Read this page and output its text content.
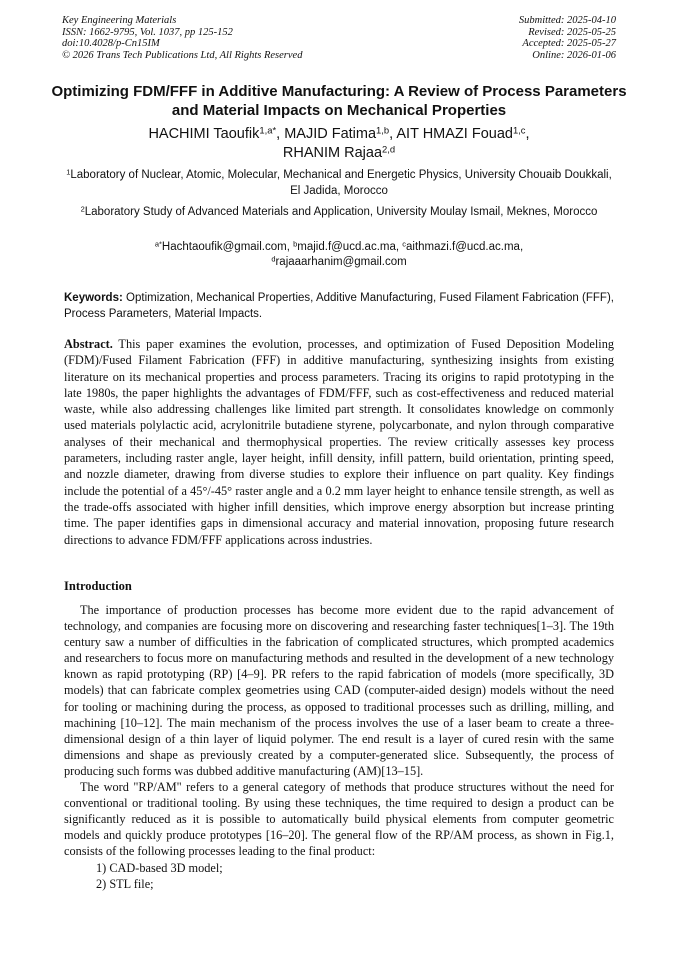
Key Engineering Materials
ISSN: 1662-9795, Vol. 1037, pp 125-152
doi:10.4028/p-Cn15IM
© 2026 Trans Tech Publications Ltd, All Rights Reserved
Submitted: 2025-04-10
Revised: 2025-05-25
Accepted: 2025-05-27
Online: 2026-01-06
Optimizing FDM/FFF in Additive Manufacturing: A Review of Process Parameters and Material Impacts on Mechanical Properties
HACHIMI Taoufik$^{1,a*}$, MAJID Fatima$^{1,b}$, AIT HMAZI Fouad$^{1,c}$,
RHANIM Rajaa$^{2,d}$
$^1$Laboratory of Nuclear, Atomic, Molecular, Mechanical and Energetic Physics, University Chouaib Doukkali, El Jadida, Morocco
$^2$Laboratory Study of Advanced Materials and Application, University Moulay Ismail, Meknes, Morocco
$^{a*}$Hachtaoufik@gmail.com, $^b$majid.f@ucd.ac.ma, $^c$aithmazi.f@ucd.ac.ma,
$^d$rajaaarhanim@gmail.com
Keywords: Optimization, Mechanical Properties, Additive Manufacturing, Fused Filament Fabrication (FFF), Process Parameters, Material Impacts.
Abstract. This paper examines the evolution, processes, and optimization of Fused Deposition Modeling (FDM)/Fused Filament Fabrication (FFF) in additive manufacturing, synthesizing insights from existing literature on its mechanical properties and process parameters. Tracing its origins to rapid prototyping in the late 1980s, the paper highlights the advantages of FDM/FFF, such as cost-effectiveness and reduced material waste, while also addressing challenges like limited part strength. It consolidates knowledge on commonly used materials polylactic acid, acrylonitrile butadiene styrene, polycarbonate, and nylon through comparative analyses of their mechanical and thermophysical properties. The review critically assesses key process parameters, including raster angle, layer height, infill density, infill pattern, build orientation, printing speed, and nozzle diameter, drawing from diverse studies to explore their influence on part quality. Key findings include the potential of a 45°/-45° raster angle and a 0.2 mm layer height to enhance tensile strength, as well as the trade-offs associated with higher infill densities, which improve energy absorption but increase printing time. The paper identifies gaps in dimensional accuracy and material innovation, proposing future research directions to advance FDM/FFF applications across industries.
Introduction

The importance of production processes has become more evident due to the rapid advancement of technology, and companies are focusing more on discovering and researching faster techniques[1–3]. The 19th century saw a number of difficulties in the fabrication of complicated structures, which prompted academics and researchers to focus more on manufacturing methods and resulted in the development of a new technology known as rapid prototyping (RP) [4–9]. PR refers to the rapid fabrication of models (more specifically, 3D models) that can fabricate complex geometries using CAD (computer-aided design) models without the need for tooling or machining during the process, as opposed to traditional processes such as drilling, milling, and machining [10–12]. The main mechanism of the process involves the use of a laser beam to create a three-dimensional design of a thin layer of liquid polymer. The end result is a layer of cured resin with the same dimensions and shape as previously created by a computer-generated slice. Subsequently, the process of producing such forms was dubbed additive manufacturing (AM)[13–15].

The word "RP/AM" refers to a general category of methods that produce structures without the need for conventional or traditional tooling. By using these techniques, the time required to design a product can be significantly reduced as it is possible to automatically build physical elements from computer geometric models and quickly produce prototypes [16–20]. The general flow of the RP/AM process, as shown in Fig.1, consists of the following processes leading to the final product:

1) CAD-based 3D model;

2) STL file;
